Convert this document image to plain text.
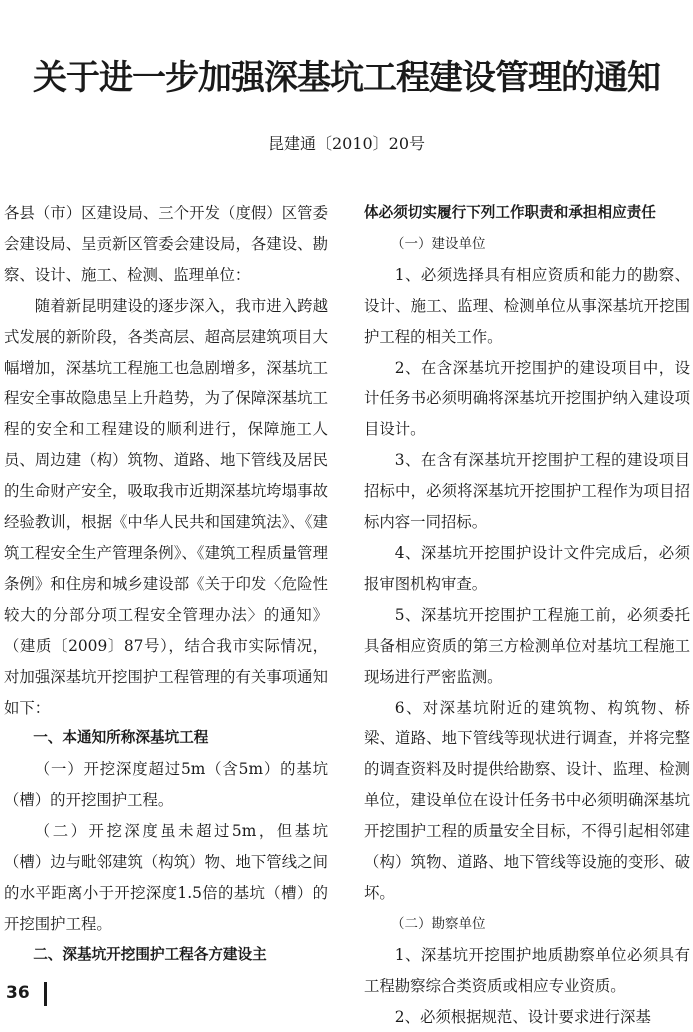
关于进一步加强深基坑工程建设管理的通知
昆建通〔2010〕20号

各县（市）区建设局、三个开发（度假）区管委会建设局、呈贡新区管委会建设局，各建设、勘察、设计、施工、检测、监理单位：

随着新昆明建设的逐步深入，我市进入跨越式发展的新阶段，各类高层、超高层建筑项目大幅增加，深基坑工程施工也急剧增多，深基坑工程安全事故隐患呈上升趋势，为了保障深基坑工程的安全和工程建设的顺利进行，保障施工人员、周边建（构）筑物、道路、地下管线及居民的生命财产安全，吸取我市近期深基坑垮塌事故经验教训，根据《中华人民共和国建筑法》、《建筑工程安全生产管理条例》、《建筑工程质量管理条例》和住房和城乡建设部《关于印发〈危险性较大的分部分项工程安全管理办法〉的通知》（建质〔2009〕87号），结合我市实际情况，对加强深基坑开挖围护工程管理的有关事项通知如下：

一、本通知所称深基坑工程

（一）开挖深度超过5m（含5m）的基坑（槽）的开挖围护工程。

（二）开挖深度虽未超过5m，但基坑（槽）边与毗邻建筑（构筑）物、地下管线之间的水平距离小于开挖深度1.5倍的基坑（槽）的开挖围护工程。

二、深基坑开挖围护工程各方建设主

体必须切实履行下列工作职责和承担相应责任

（一）建设单位

1、必须选择具有相应资质和能力的勘察、设计、施工、监理、检测单位从事深基坑开挖围护工程的相关工作。

2、在含深基坑开挖围护的建设项目中，设计任务书必须明确将深基坑开挖围护纳入建设项目设计。

3、在含有深基坑开挖围护工程的建设项目招标中，必须将深基坑开挖围护工程作为项目招标内容一同招标。

4、深基坑开挖围护设计文件完成后，必须报审图机构审查。

5、深基坑开挖围护工程施工前，必须委托具备相应资质的第三方检测单位对基坑工程施工现场进行严密监测。

6、对深基坑附近的建筑物、构筑物、桥梁、道路、地下管线等现状进行调查，并将完整的调查资料及时提供给勘察、设计、监理、检测单位，建设单位在设计任务书中必须明确深基坑开挖围护工程的质量安全目标，不得引起相邻建（构）筑物、道路、地下管线等设施的变形、破坏。

（二）勘察单位

1、深基坑开挖围护地质勘察单位必须具有工程勘察综合类资质或相应专业资质。

2、必须根据规范、设计要求进行深基

36
